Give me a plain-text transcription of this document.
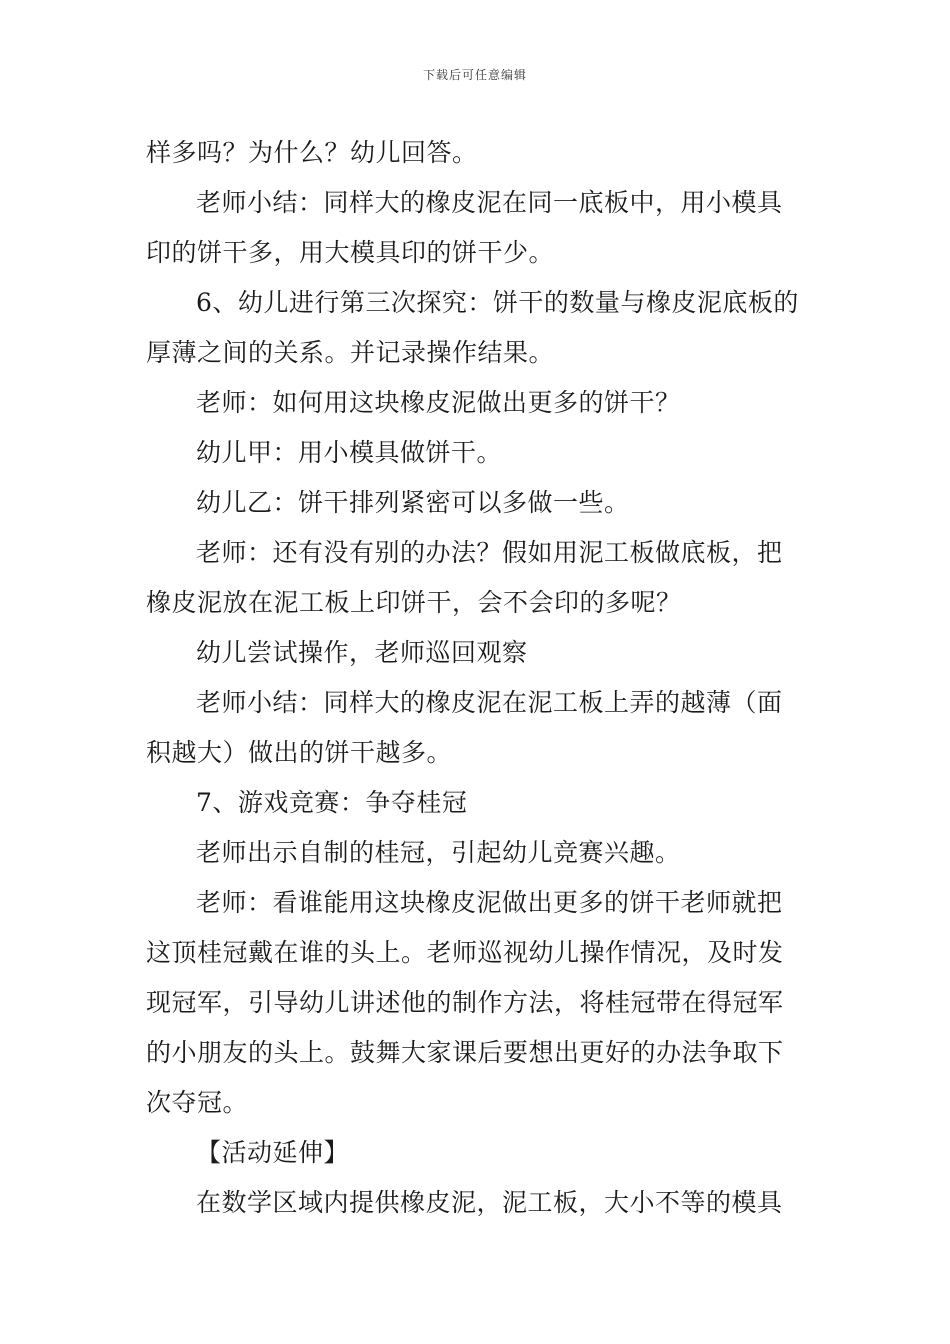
下载后可任意编辑
样多吗？为什么？幼儿回答。
老师小结：同样大的橡皮泥在同一底板中，用小模具
印的饼干多，用大模具印的饼干少。
6、幼儿进行第三次探究：饼干的数量与橡皮泥底板的
厚薄之间的关系。并记录操作结果。
老师：如何用这块橡皮泥做出更多的饼干？
幼儿甲：用小模具做饼干。
幼儿乙：饼干排列紧密可以多做一些。
老师：还有没有别的办法？假如用泥工板做底板，把
橡皮泥放在泥工板上印饼干，会不会印的多呢？
幼儿尝试操作，老师巡回观察
老师小结：同样大的橡皮泥在泥工板上弄的越薄（面
积越大）做出的饼干越多。
7、游戏竞赛：争夺桂冠
老师出示自制的桂冠，引起幼儿竞赛兴趣。
老师：看谁能用这块橡皮泥做出更多的饼干老师就把
这顶桂冠戴在谁的头上。老师巡视幼儿操作情况，及时发
现冠军，引导幼儿讲述他的制作方法，将桂冠带在得冠军
的小朋友的头上。鼓舞大家课后要想出更好的办法争取下
次夺冠。
【活动延伸】
在数学区域内提供橡皮泥，泥工板，大小不等的模具
